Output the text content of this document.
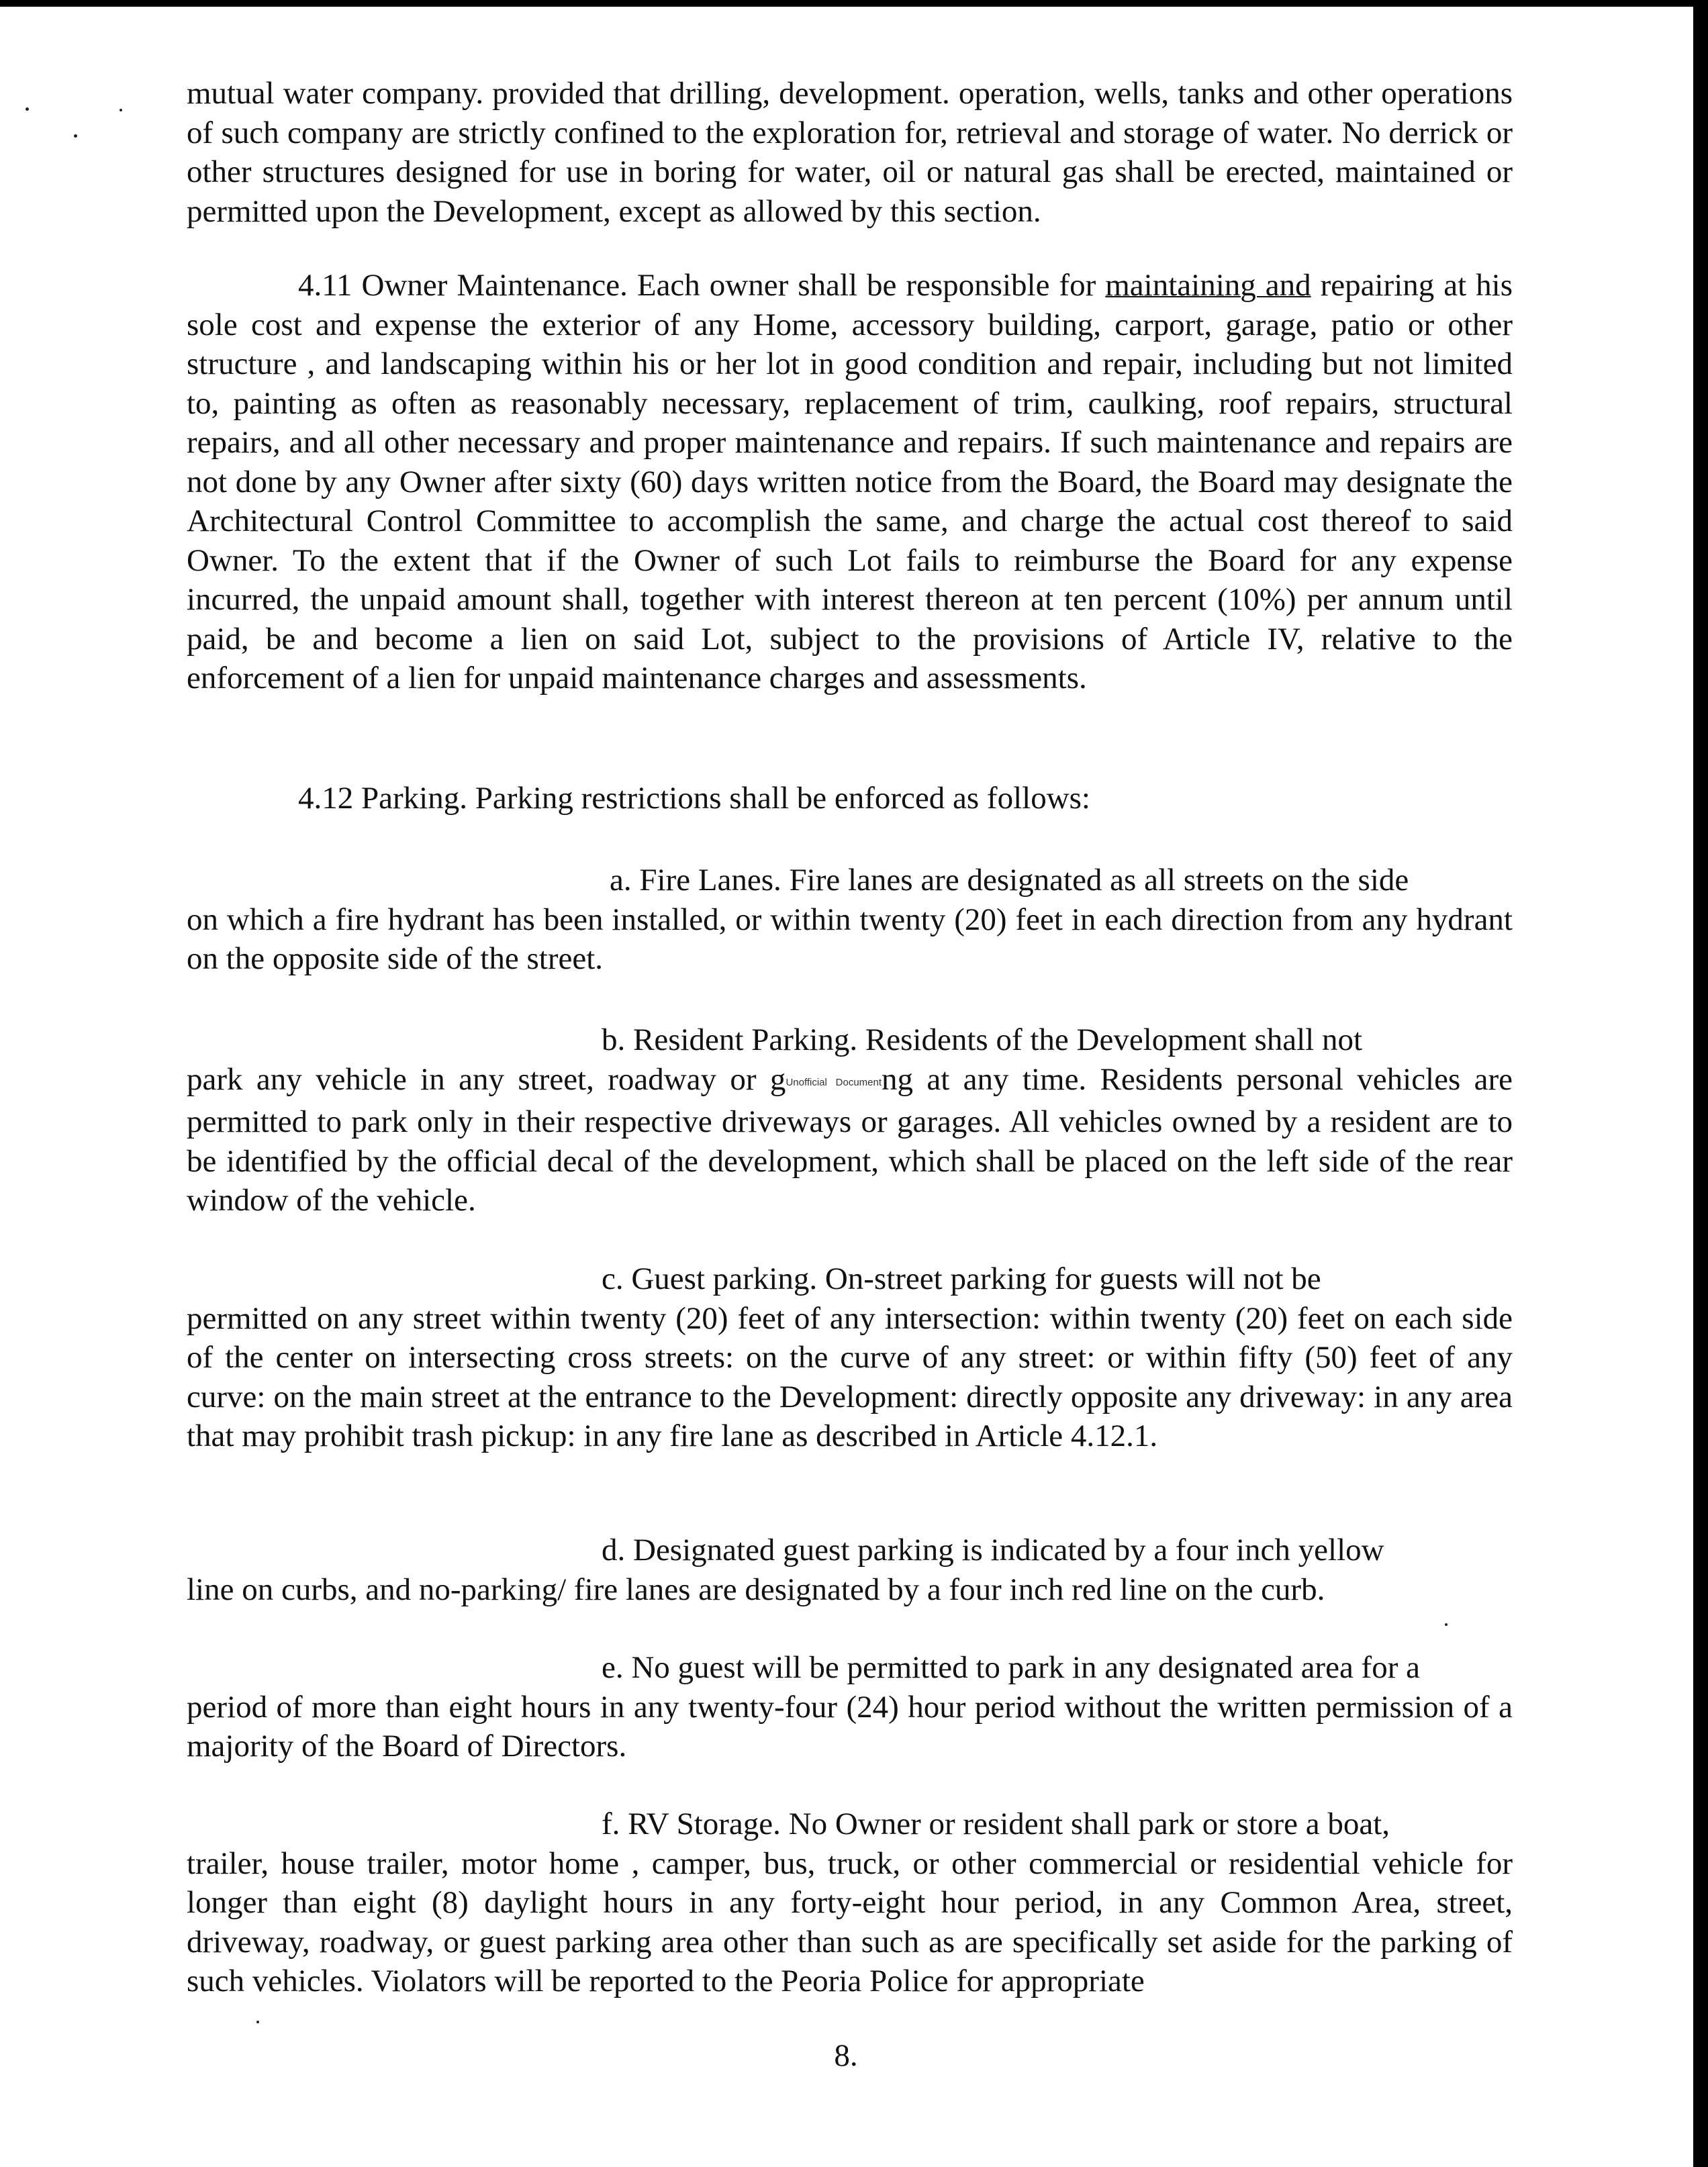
mutual water company. provided that drilling, development. operation, wells, tanks and other operations of such company are strictly confined to the exploration for, retrieval and storage of water. No derrick or other structures designed for use in boring for water, oil or natural gas shall be erected, maintained or permitted upon the Development, except as allowed by this section.

4.11 Owner Maintenance. Each owner shall be responsible for maintaining and repairing at his sole cost and expense the exterior of any Home, accessory building, carport, garage, patio or other structure , and landscaping within his or her lot in good condition and repair, including but not limited to, painting as often as reasonably necessary, replacement of trim, caulking, roof repairs, structural repairs, and all other necessary and proper maintenance and repairs. If such maintenance and repairs are not done by any Owner after sixty (60) days written notice from the Board, the Board may designate the Architectural Control Committee to accomplish the same, and charge the actual cost thereof to said Owner. To the extent that if the Owner of such Lot fails to reimburse the Board for any expense incurred, the unpaid amount shall, together with interest thereon at ten percent (10%) per annum until paid, be and become a lien on said Lot, subject to the provisions of Article IV, relative to the enforcement of a lien for unpaid maintenance charges and assessments.

4.12 Parking. Parking restrictions shall be enforced as follows:

a. Fire Lanes. Fire lanes are designated as all streets on the side
on which a fire hydrant has been installed, or within twenty (20) feet in each direction from any hydrant on the opposite side of the street.
b. Resident Parking. Residents of the Development shall not
park any vehicle in any street, roadway or gUnofficial Documentng at any time. Residents personal vehicles are permitted to park only in their respective driveways or garages. All vehicles owned by a resident are to be identified by the official decal of the development, which shall be placed on the left side of the rear window of the vehicle.
c. Guest parking. On-street parking for guests will not be
permitted on any street within twenty (20) feet of any intersection: within twenty (20) feet on each side of the center on intersecting cross streets: on the curve of any street: or within fifty (50) feet of any curve: on the main street at the entrance to the Development: directly opposite any driveway: in any area that may prohibit trash pickup: in any fire lane as described in Article 4.12.1.
d. Designated guest parking is indicated by a four inch yellow
line on curbs, and no-parking/ fire lanes are designated by a four inch red line on the curb.
e. No guest will be permitted to park in any designated area for a
period of more than eight hours in any twenty-four (24) hour period without the written permission of a majority of the Board of Directors.
f. RV Storage. No Owner or resident shall park or store a boat,
trailer, house trailer, motor home , camper, bus, truck, or other commercial or residential vehicle for longer than eight (8) daylight hours in any forty-eight hour period, in any Common Area, street, driveway, roadway, or guest parking area other than such as are specifically set aside for the parking of such vehicles. Violators will be reported to the Peoria Police for appropriate
8.
